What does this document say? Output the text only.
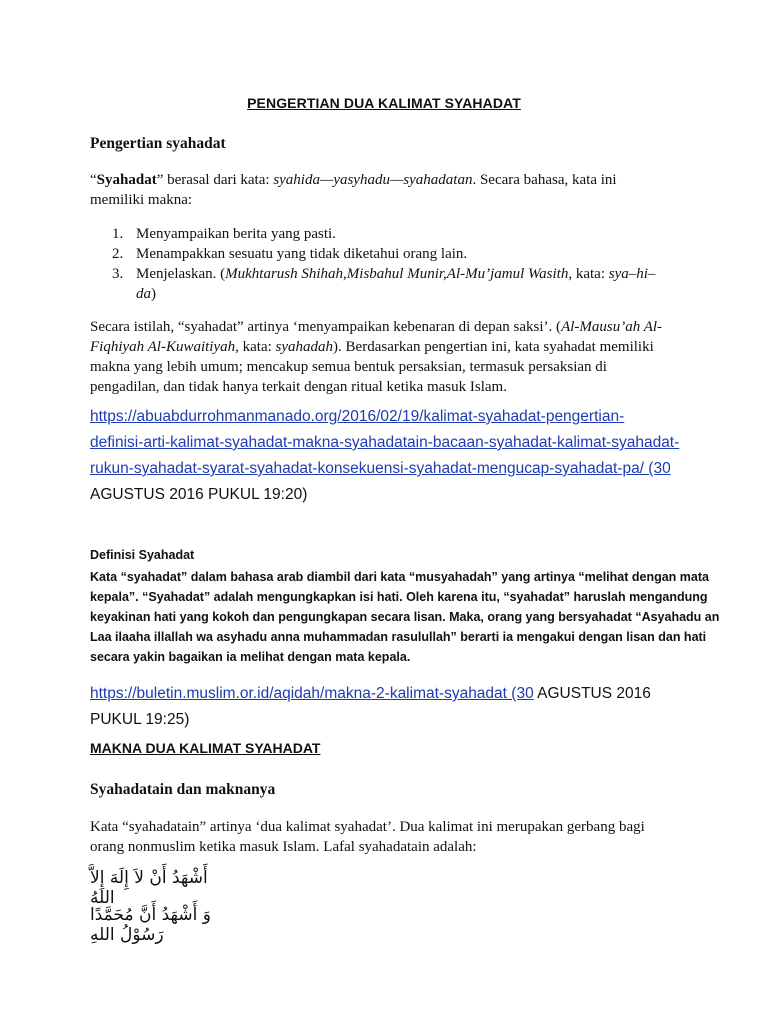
PENGERTIAN DUA KALIMAT SYAHADAT
Pengertian syahadat
“Syahadat” berasal dari kata: syahida—yasyhadu—syahadatan. Secara bahasa, kata ini
memiliki makna:
1. Menyampaikan berita yang pasti.
2. Menampakkan sesuatu yang tidak diketahui orang lain.
3. Menjelaskan. (Mukhtarush Shihah,Misbahul Munir,Al-Mu’jamul Wasith, kata: sya–hi–
da)
Secara istilah, “syahadat” artinya ‘menyampaikan kebenaran di depan saksi’. (Al-Mausu’ah Al-
Fiqhiyah Al-Kuwaitiyah, kata: syahadah). Berdasarkan pengertian ini, kata syahadat memiliki
makna yang lebih umum; mencakup semua bentuk persaksian, termasuk persaksian di
pengadilan, dan tidak hanya terkait dengan ritual ketika masuk Islam.
https://abuabdurrohmanmanado.org/2016/02/19/kalimat-syahadat-pengertian-
definisi-arti-kalimat-syahadat-makna-syahadatain-bacaan-syahadat-kalimat-syahadat-
rukun-syahadat-syarat-syahadat-konsekuensi-syahadat-mengucap-syahadat-pa/ (30
AGUSTUS 2016 PUKUL 19:20)
Definisi Syahadat
Kata “syahadat” dalam bahasa arab diambil dari kata “musyahadah” yang artinya “melihat dengan mata
kepala”. “Syahadat” adalah mengungkapkan isi hati. Oleh karena itu, “syahadat” haruslah mengandung
keyakinan hati yang kokoh dan pengungkapan secara lisan. Maka, orang yang bersyahadat “Asyahadu an
Laa ilaaha illallah wa asyhadu anna muhammadan rasulullah” berarti ia mengakui dengan lisan dan hati
secara yakin bagaikan ia melihat dengan mata kepala.
https://buletin.muslim.or.id/aqidah/makna-2-kalimat-syahadat (30 AGUSTUS 2016
PUKUL 19:25)
MAKNA DUA KALIMAT SYAHADAT
Syahadatain dan maknanya
Kata “syahadatain” artinya ‘dua kalimat syahadat’. Dua kalimat ini merupakan gerbang bagi
orang nonmuslim ketika masuk Islam. Lafal syahadatain adalah:
أَشْهَدُ أَنْ لاَ إِلَهَ إِلاَّ اللهُ
وَ أَشْهَدُ أَنَّ مُحَمَّدًا رَسُوْلُ اللهِ
